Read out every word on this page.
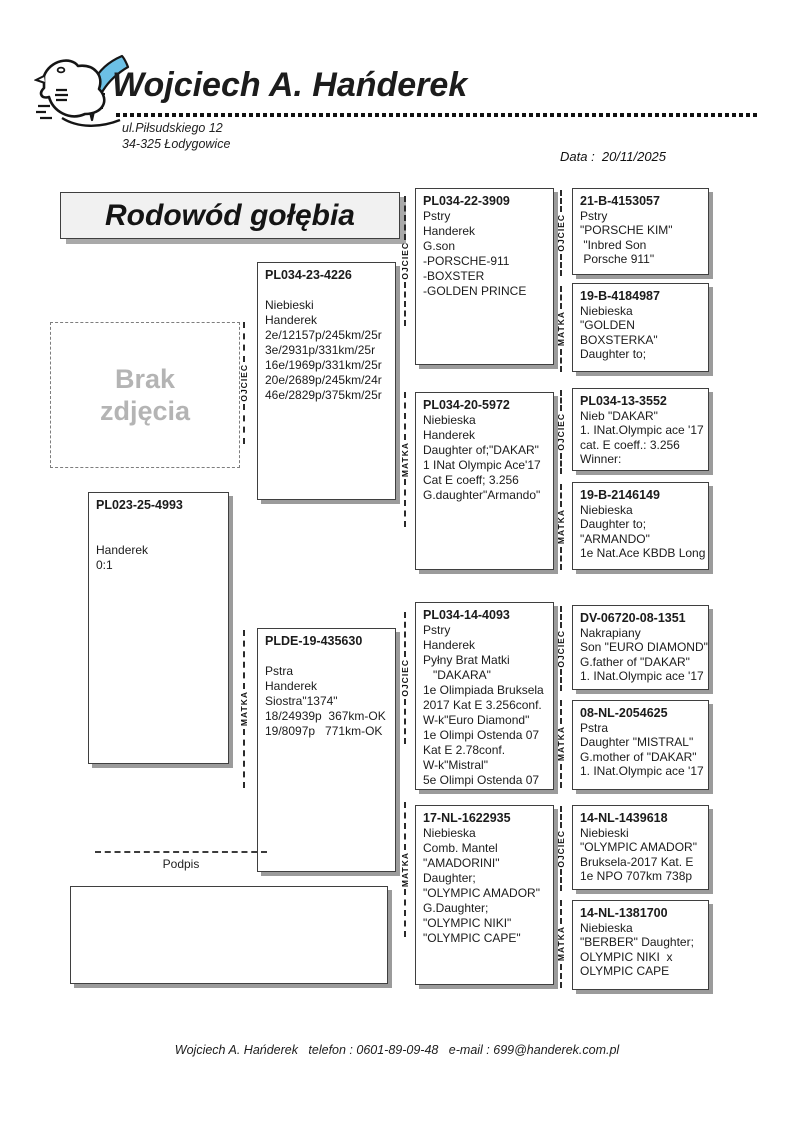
Wojciech A. Hańderek
ul.Piłsudskiego 12
34-325 Łodygowice
Data :  20/11/2025
Rodowód gołębia
Brak
zdjęcia
PL023-25-4993
Handerek
0:1
PL034-23-4226
Niebieski
Handerek
2e/12157p/245km/25r
3e/2931p/331km/25r
16e/1969p/331km/25r
20e/2689p/245km/24r
46e/2829p/375km/25r
PLDE-19-435630
Pstra
Handerek
Siostra"1374"
18/24939p  367km-OK
19/8097p   771km-OK
PL034-22-3909
Pstry
Handerek
G.son
-PORSCHE-911
-BOXSTER
-GOLDEN PRINCE
PL034-20-5972
Niebieska
Handerek
Daughter of;"DAKAR"
1 INat Olympic Ace'17
Cat E coeff; 3.256
G.daughter"Armando"
PL034-14-4093
Pstry
Handerek
Pyłny Brat Matki
"DAKARA"
1e Olimpiada Bruksela
2017 Kat E 3.256conf.
W-k"Euro Diamond"
1e Olimpi Ostenda 07
Kat E 2.78conf.
W-k"Mistral"
5e Olimpi Ostenda 07
17-NL-1622935
Niebieska
Comb. Mantel
"AMADORINI"
Daughter;
"OLYMPIC AMADOR"
G.Daughter;
"OLYMPIC NIKI"
"OLYMPIC CAPE"
21-B-4153057
Pstry
"PORSCHE KIM"
"Inbred Son
Porsche 911"
19-B-4184987
Niebieska
"GOLDEN
BOXSTERKA"
Daughter to;
PL034-13-3552
Nieb "DAKAR"
1. INat.Olympic ace '17
cat. E coeff.: 3.256
Winner:
19-B-2146149
Niebieska
Daughter to;
"ARMANDO"
1e Nat.Ace KBDB Long
DV-06720-08-1351
Nakrapiany
Son "EURO DIAMOND"
G.father of "DAKAR"
1. INat.Olympic ace '17
08-NL-2054625
Pstra
Daughter "MISTRAL"
G.mother of "DAKAR"
1. INat.Olympic ace '17
14-NL-1439618
Niebieski
"OLYMPIC AMADOR"
Bruksela-2017 Kat. E
1e NPO 707km 738p
14-NL-1381700
Niebieska
"BERBER" Daughter;
OLYMPIC NIKI  x
OLYMPIC CAPE
OJCIEC
MATKA
OJCIEC
MATKA
OJCIEC
MATKA
OJCIEC
MATKA
OJCIEC
MATKA
OJCIEC
MATKA
OJCIEC
MATKA
Podpis
Wojciech A. Hańderek   telefon : 0601-89-09-48   e-mail : 699@handerek.com.pl
